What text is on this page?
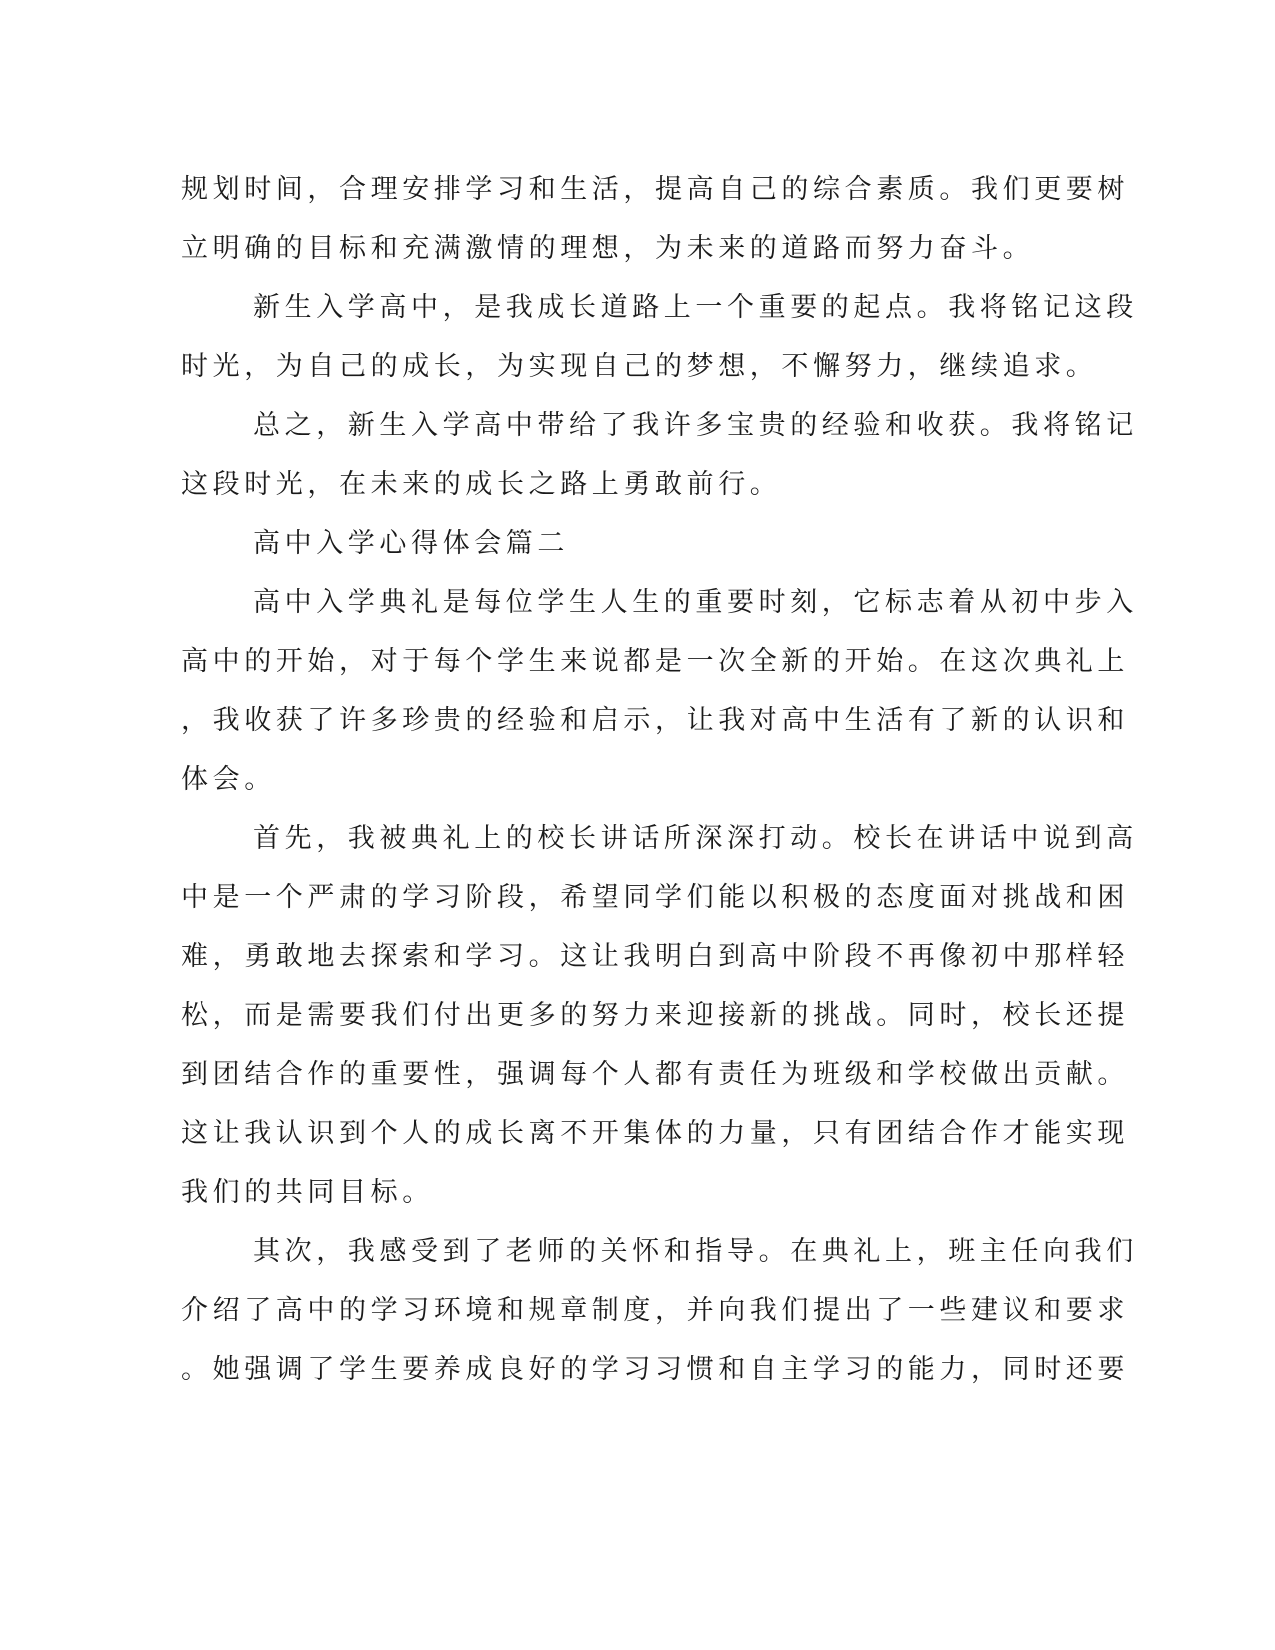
规划时间，合理安排学习和生活，提高自己的综合素质。我们更要树
立明确的目标和充满激情的理想，为未来的道路而努力奋斗。
新生入学高中，是我成长道路上一个重要的起点。我将铭记这段
时光，为自己的成长，为实现自己的梦想，不懈努力，继续追求。
总之，新生入学高中带给了我许多宝贵的经验和收获。我将铭记
这段时光，在未来的成长之路上勇敢前行。
高中入学心得体会篇二
高中入学典礼是每位学生人生的重要时刻，它标志着从初中步入
高中的开始，对于每个学生来说都是一次全新的开始。在这次典礼上
，我收获了许多珍贵的经验和启示，让我对高中生活有了新的认识和
体会。
首先，我被典礼上的校长讲话所深深打动。校长在讲话中说到高
中是一个严肃的学习阶段，希望同学们能以积极的态度面对挑战和困
难，勇敢地去探索和学习。这让我明白到高中阶段不再像初中那样轻
松，而是需要我们付出更多的努力来迎接新的挑战。同时，校长还提
到团结合作的重要性，强调每个人都有责任为班级和学校做出贡献。
这让我认识到个人的成长离不开集体的力量，只有团结合作才能实现
我们的共同目标。
其次，我感受到了老师的关怀和指导。在典礼上，班主任向我们
介绍了高中的学习环境和规章制度，并向我们提出了一些建议和要求
。她强调了学生要养成良好的学习习惯和自主学习的能力，同时还要
